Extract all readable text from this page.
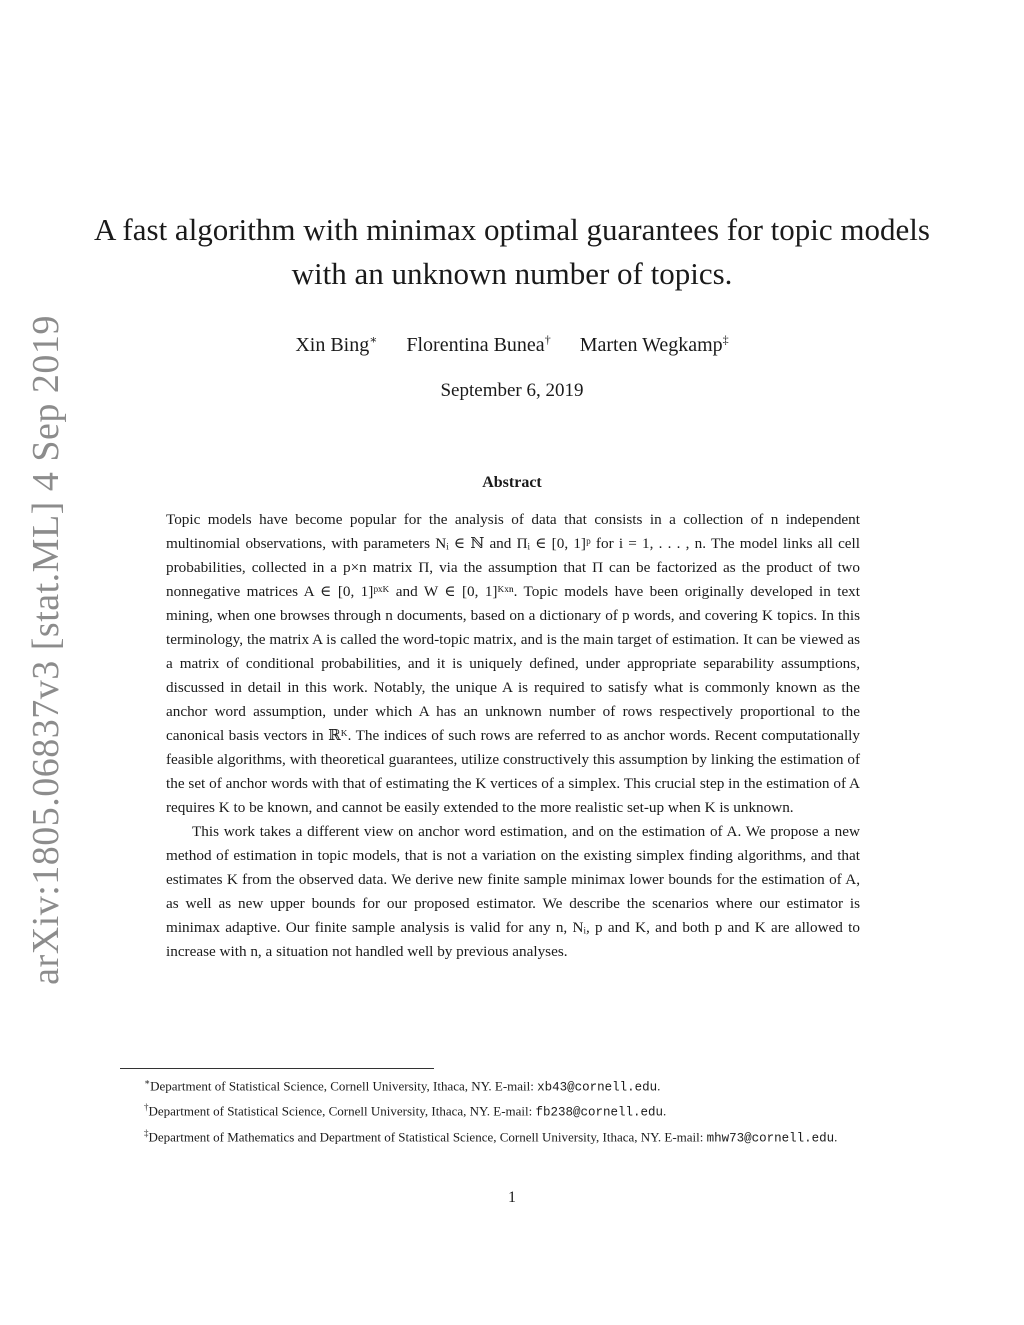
arXiv:1805.06837v3 [stat.ML] 4 Sep 2019
A fast algorithm with minimax optimal guarantees for topic models
with an unknown number of topics.
Xin Bing∗ Florentina Bunea† Marten Wegkamp‡
September 6, 2019
Abstract

Topic models have become popular for the analysis of data that consists in a collection of n independent multinomial observations, with parameters Nᵢ ∈ ℕ and Πᵢ ∈ [0, 1]ᵖ for i = 1, . . . , n. The model links all cell probabilities, collected in a p×n matrix Π, via the assumption that Π can be factorized as the product of two nonnegative matrices A ∈ [0, 1]ᵖˣᴷ and W ∈ [0, 1]ᴷˣⁿ. Topic models have been originally developed in text mining, when one browses through n documents, based on a dictionary of p words, and covering K topics. In this terminology, the matrix A is called the word-topic matrix, and is the main target of estimation. It can be viewed as a matrix of conditional probabilities, and it is uniquely defined, under appropriate separability assumptions, discussed in detail in this work. Notably, the unique A is required to satisfy what is commonly known as the anchor word assumption, under which A has an unknown number of rows respectively proportional to the canonical basis vectors in ℝᴷ. The indices of such rows are referred to as anchor words. Recent computationally feasible algorithms, with theoretical guarantees, utilize constructively this assumption by linking the estimation of the set of anchor words with that of estimating the K vertices of a simplex. This crucial step in the estimation of A requires K to be known, and cannot be easily extended to the more realistic set-up when K is unknown.

This work takes a different view on anchor word estimation, and on the estimation of A. We propose a new method of estimation in topic models, that is not a variation on the existing simplex finding algorithms, and that estimates K from the observed data. We derive new finite sample minimax lower bounds for the estimation of A, as well as new upper bounds for our proposed estimator. We describe the scenarios where our estimator is minimax adaptive. Our finite sample analysis is valid for any n, Nᵢ, p and K, and both p and K are allowed to increase with n, a situation not handled well by previous analyses.

∗Department of Statistical Science, Cornell University, Ithaca, NY. E-mail: xb43@cornell.edu.
†Department of Statistical Science, Cornell University, Ithaca, NY. E-mail: fb238@cornell.edu.
‡Department of Mathematics and Department of Statistical Science, Cornell University, Ithaca, NY. E-mail: mhw73@cornell.edu.
1
